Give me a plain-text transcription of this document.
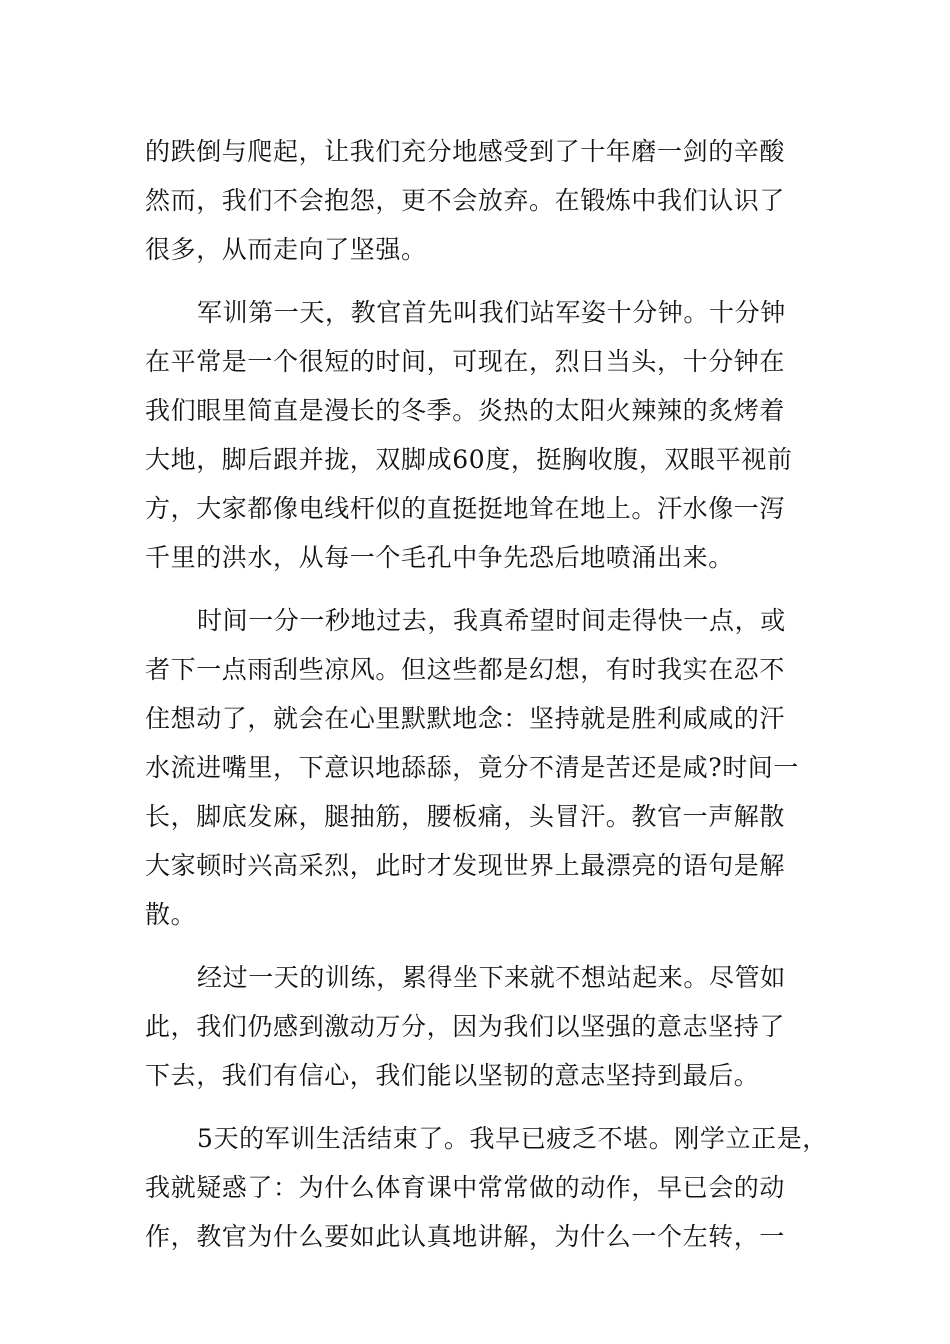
的跌倒与爬起，让我们充分地感受到了十年磨一剑的辛酸
然而，我们不会抱怨，更不会放弃。在锻炼中我们认识了
很多，从而走向了坚强。
军训第一天，教官首先叫我们站军姿十分钟。十分钟
在平常是一个很短的时间，可现在，烈日当头，十分钟在
我们眼里简直是漫长的冬季。炎热的太阳火辣辣的炙烤着
大地，脚后跟并拢，双脚成60度，挺胸收腹，双眼平视前
方，大家都像电线杆似的直挺挺地耸在地上。汗水像一泻
千里的洪水，从每一个毛孔中争先恐后地喷涌出来。
时间一分一秒地过去，我真希望时间走得快一点，或
者下一点雨刮些凉风。但这些都是幻想，有时我实在忍不
住想动了，就会在心里默默地念：坚持就是胜利咸咸的汗
水流进嘴里，下意识地舔舔，竟分不清是苦还是咸?时间一
长，脚底发麻，腿抽筋，腰板痛，头冒汗。教官一声解散
大家顿时兴高采烈，此时才发现世界上最漂亮的语句是解
散。
经过一天的训练，累得坐下来就不想站起来。尽管如
此，我们仍感到激动万分，因为我们以坚强的意志坚持了
下去，我们有信心，我们能以坚韧的意志坚持到最后。
5天的军训生活结束了。我早已疲乏不堪。刚学立正是，
我就疑惑了：为什么体育课中常常做的动作，早已会的动
作，教官为什么要如此认真地讲解，为什么一个左转，一
